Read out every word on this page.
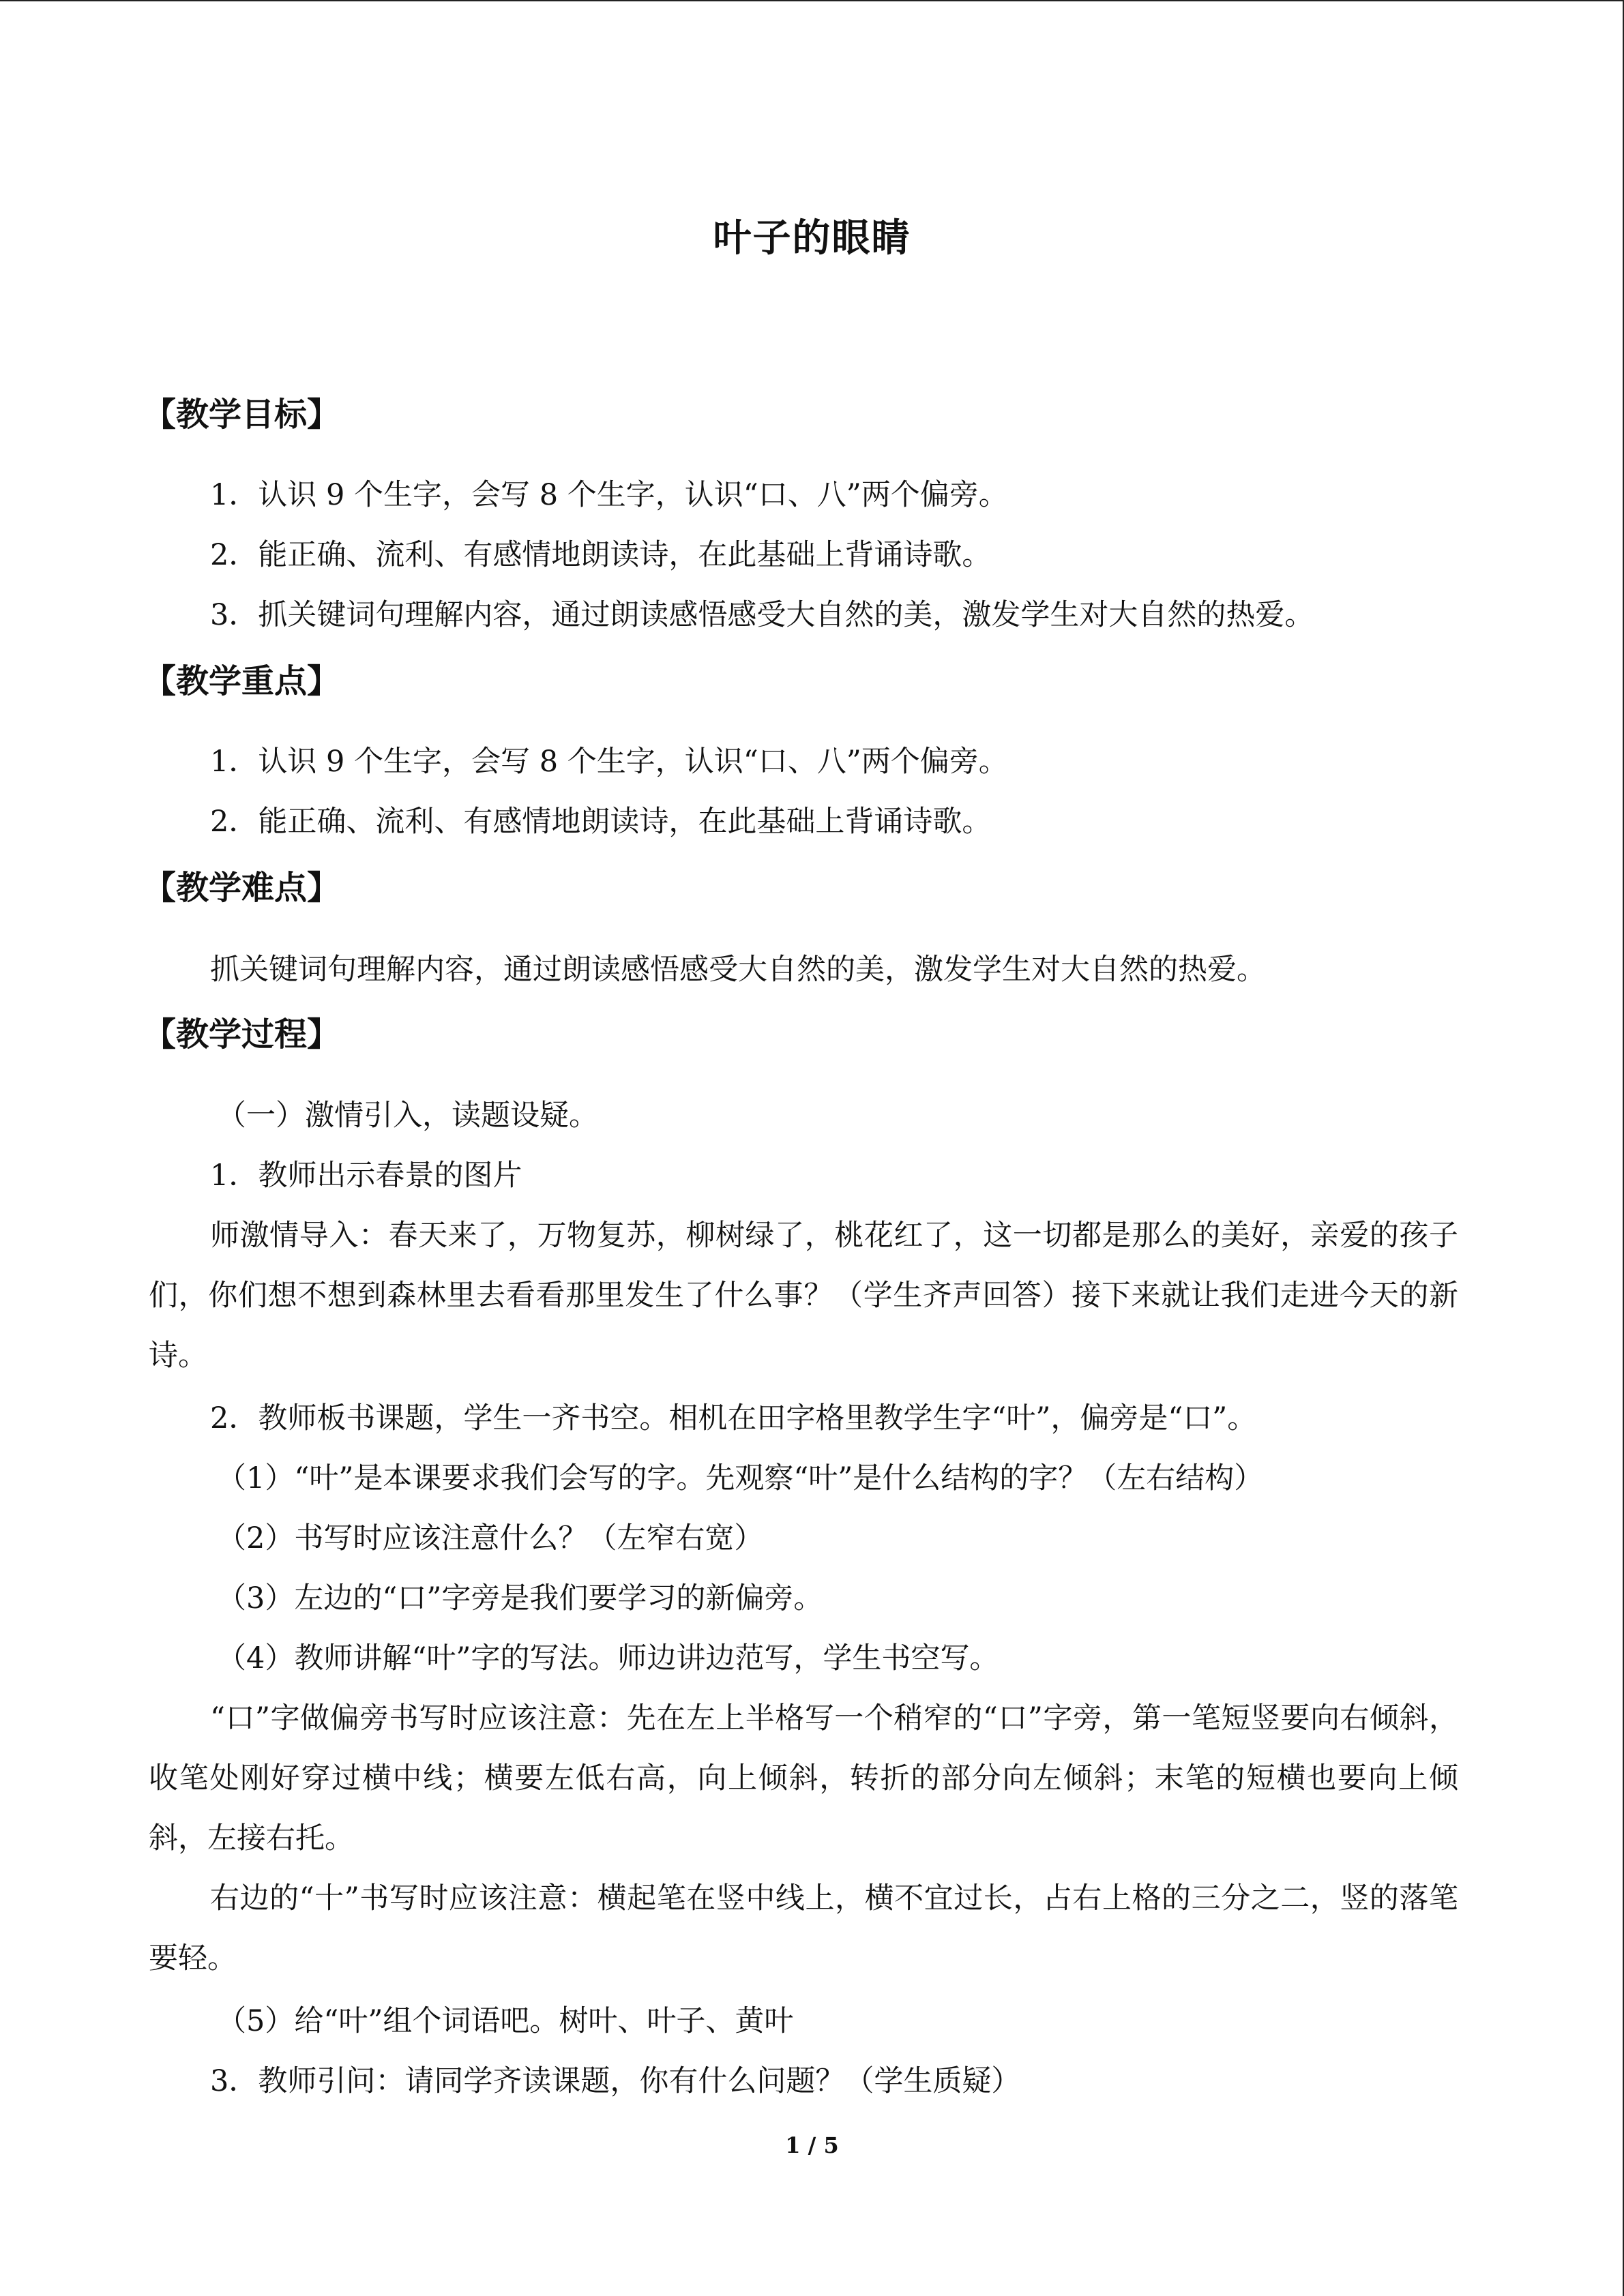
叶子的眼睛
【教学目标】
1．认识 9 个生字，会写 8 个生字，认识“口、八”两个偏旁。
2．能正确、流利、有感情地朗读诗，在此基础上背诵诗歌。
3．抓关键词句理解内容，通过朗读感悟感受大自然的美，激发学生对大自然的热爱。
【教学重点】
1．认识 9 个生字，会写 8 个生字，认识“口、八”两个偏旁。
2．能正确、流利、有感情地朗读诗，在此基础上背诵诗歌。
【教学难点】
抓关键词句理解内容，通过朗读感悟感受大自然的美，激发学生对大自然的热爱。
【教学过程】
（一）激情引入，读题设疑。
1．教师出示春景的图片
师激情导入：春天来了，万物复苏，柳树绿了，桃花红了，这一切都是那么的美好，亲爱的孩子们，你们想不想到森林里去看看那里发生了什么事？（学生齐声回答）接下来就让我们走进今天的新诗。
2．教师板书课题，学生一齐书空。相机在田字格里教学生字“叶”，偏旁是“口”。
（1）“叶”是本课要求我们会写的字。先观察“叶”是什么结构的字？（左右结构）
（2）书写时应该注意什么？（左窄右宽）
（3）左边的“口”字旁是我们要学习的新偏旁。
（4）教师讲解“叶”字的写法。师边讲边范写，学生书空写。
“口”字做偏旁书写时应该注意：先在左上半格写一个稍窄的“口”字旁，第一笔短竖要向右倾斜，收笔处刚好穿过横中线；横要左低右高，向上倾斜，转折的部分向左倾斜；末笔的短横也要向上倾斜，左接右托。
右边的“十”书写时应该注意：横起笔在竖中线上，横不宜过长，占右上格的三分之二，竖的落笔要轻。
（5）给“叶”组个词语吧。树叶、叶子、黄叶
3．教师引问：请同学齐读课题，你有什么问题？（学生质疑）
1 / 5
